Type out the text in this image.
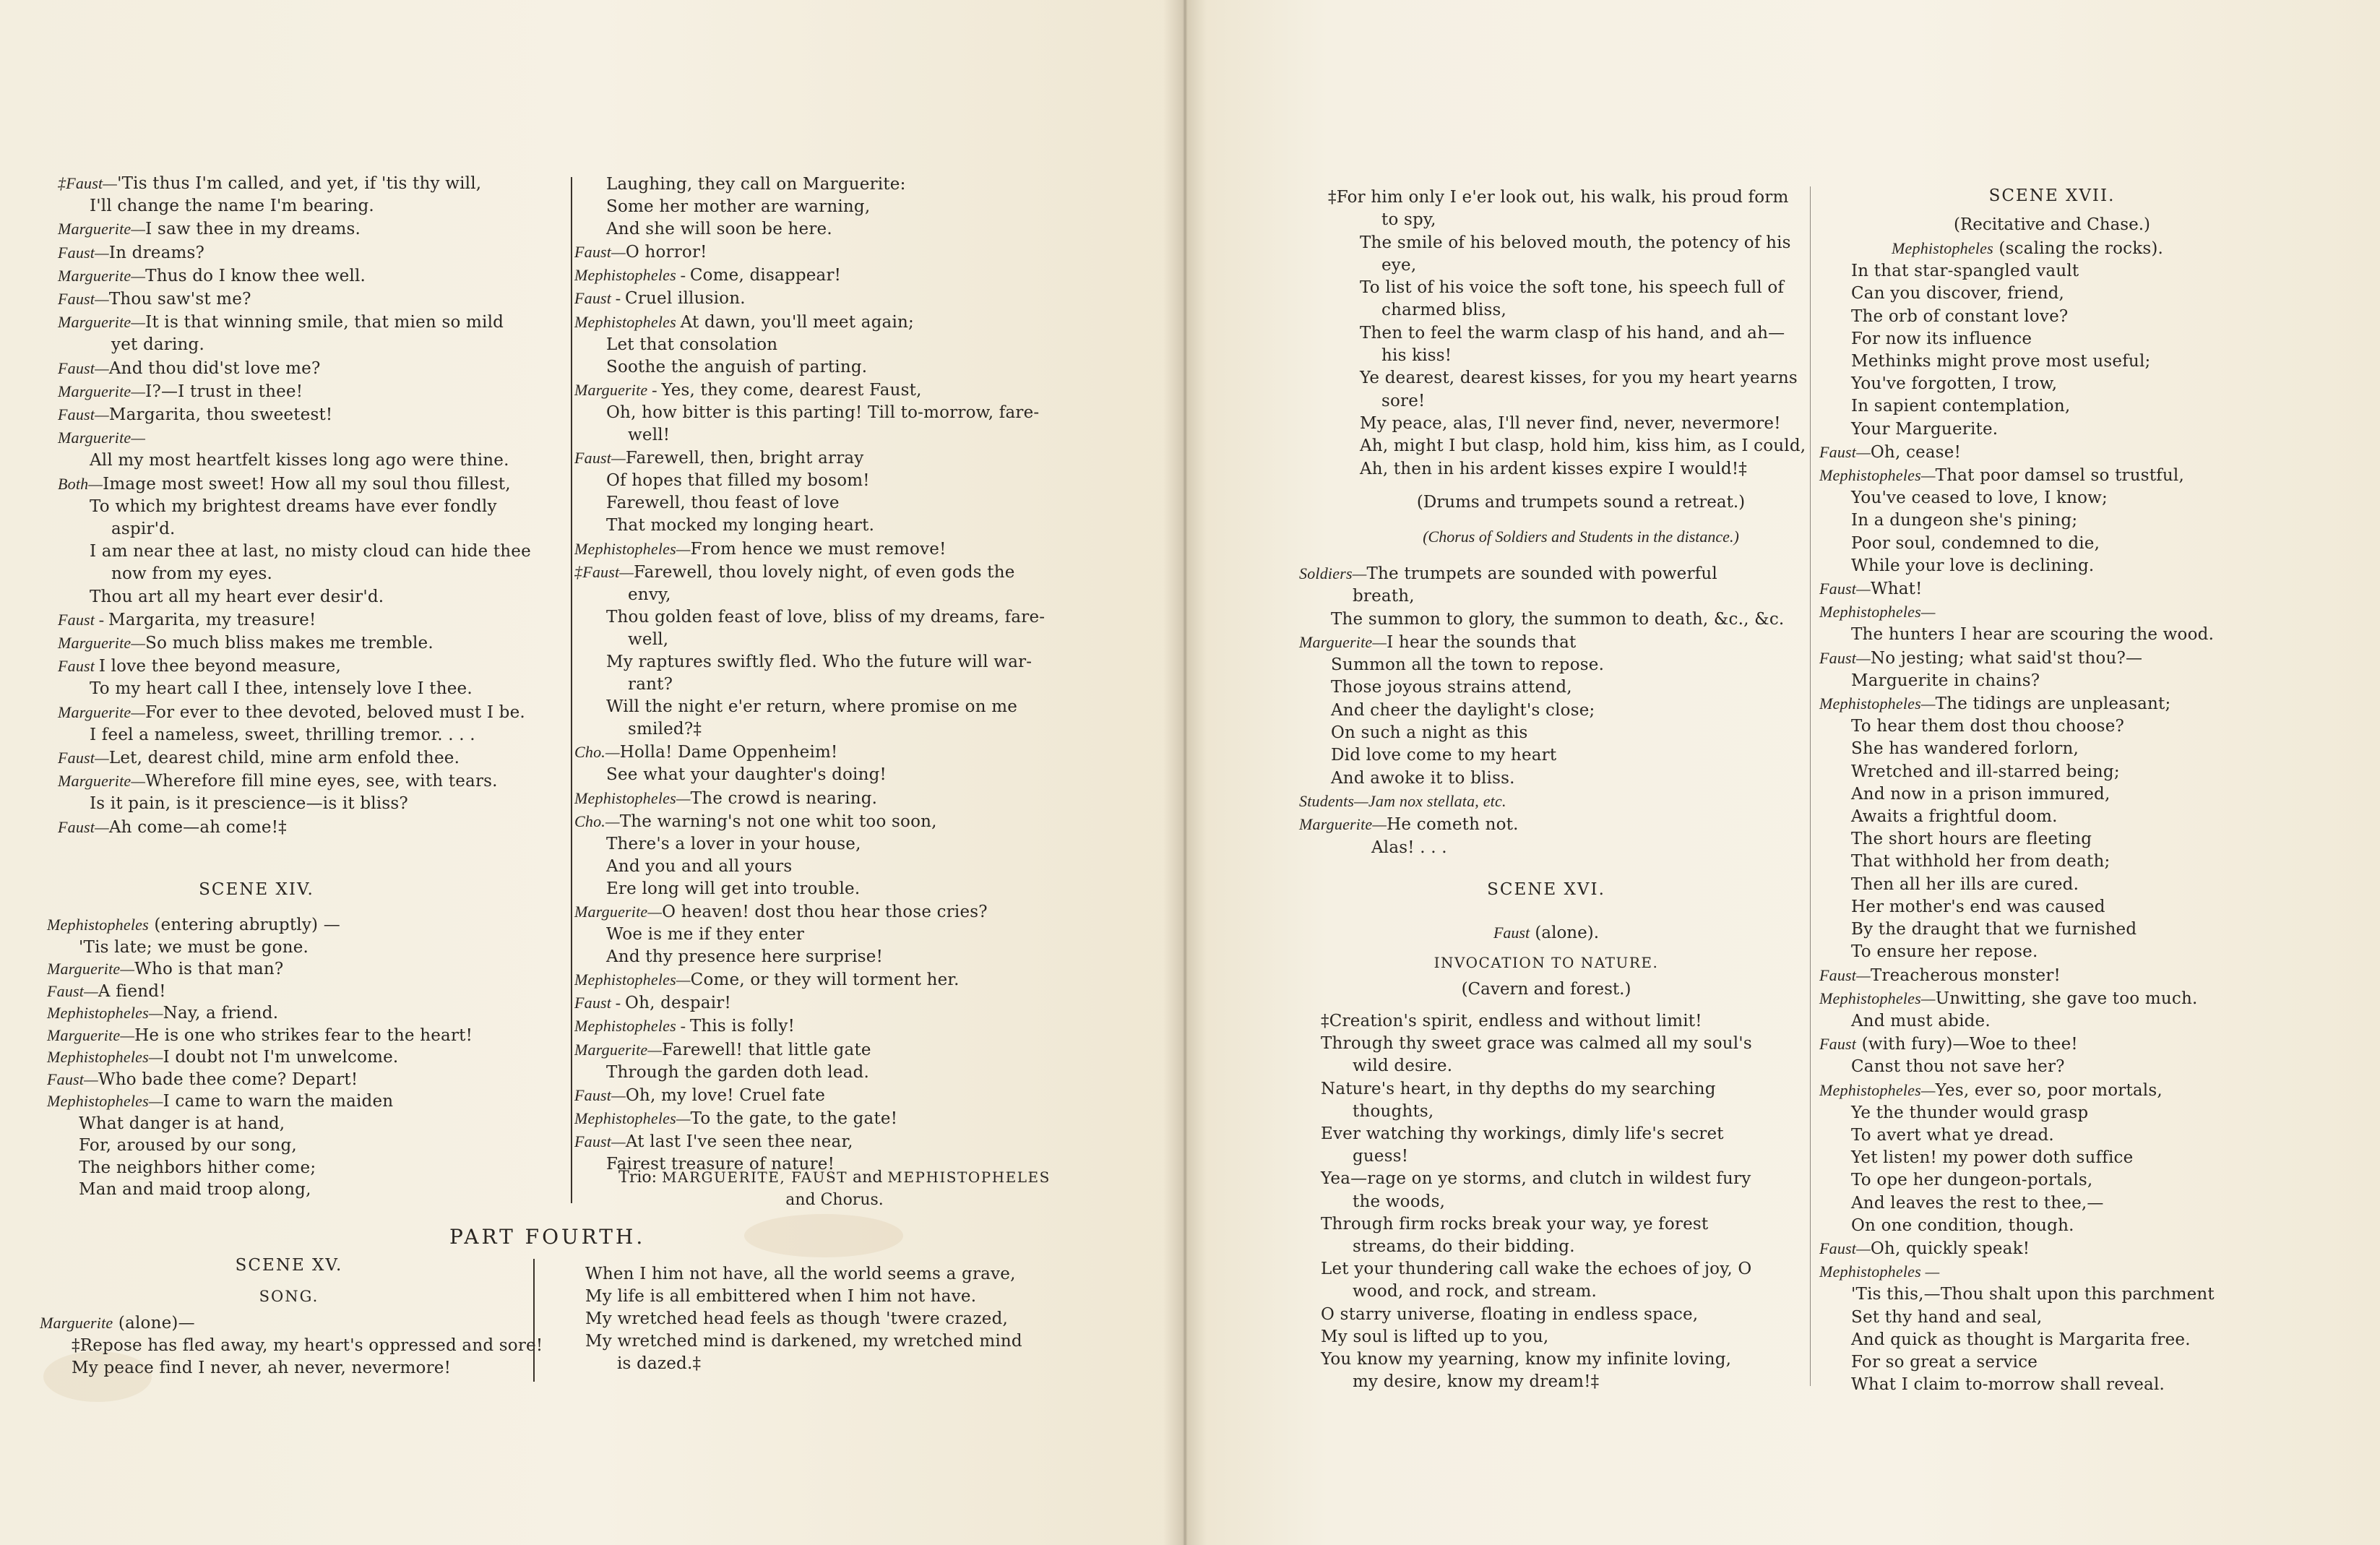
‡Faust—'Tis thus I'm called, and yet, if 'tis thy will,
I'll change the name I'm bearing.
Marguerite—I saw thee in my dreams.
Faust—In dreams?
Marguerite—Thus do I know thee well.
Faust—Thou saw'st me?
Marguerite—It is that winning smile, that mien so mild
yet daring.
Faust—And thou did'st love me?
Marguerite—I?—I trust in thee!
Faust—Margarita, thou sweetest!
Marguerite—
All my most heartfelt kisses long ago were thine.
Both—Image most sweet! How all my soul thou fillest,
To which my brightest dreams have ever fondly
aspir'd.
I am near thee at last, no misty cloud can hide thee
now from my eyes.
Thou art all my heart ever desir'd.
Faust - Margarita, my treasure!
Marguerite—So much bliss makes me tremble.
Faust I love thee beyond measure,
To my heart call I thee, intensely love I thee.
Marguerite—For ever to thee devoted, beloved must I be.
I feel a nameless, sweet, thrilling tremor. . . .
Faust—Let, dearest child, mine arm enfold thee.
Marguerite—Wherefore fill mine eyes, see, with tears.
Is it pain, is it prescience—is it bliss?
Faust—Ah come—ah come!‡
SCENE XIV.
Mephistopheles (entering abruptly) —
'Tis late; we must be gone.
Marguerite—Who is that man?
Faust—A fiend!
Mephistopheles—Nay, a friend.
Marguerite—He is one who strikes fear to the heart!
Mephistopheles—I doubt not I'm unwelcome.
Faust—Who bade thee come? Depart!
Mephistopheles—I came to warn the maiden
What danger is at hand,
For, aroused by our song,
The neighbors hither come;
Man and maid troop along,
Laughing, they call on Marguerite:
Some her mother are warning,
And she will soon be here.
Faust—O horror!
Mephistopheles - Come, disappear!
Faust - Cruel illusion.
Mephistopheles At dawn, you'll meet again;
Let that consolation
Soothe the anguish of parting.
Marguerite - Yes, they come, dearest Faust,
Oh, how bitter is this parting! Till to-morrow, fare-
well!
Faust—Farewell, then, bright array
Of hopes that filled my bosom!
Farewell, thou feast of love
That mocked my longing heart.
Mephistopheles—From hence we must remove!
‡Faust—Farewell, thou lovely night, of even gods the
envy,
Thou golden feast of love, bliss of my dreams, fare-
well,
My raptures swiftly fled. Who the future will war-
rant?
Will the night e'er return, where promise on me
smiled?‡
Cho.—Holla! Dame Oppenheim!
See what your daughter's doing!
Mephistopheles—The crowd is nearing.
Cho.—The warning's not one whit too soon,
There's a lover in your house,
And you and all yours
Ere long will get into trouble.
Marguerite—O heaven! dost thou hear those cries?
Woe is me if they enter
And thy presence here surprise!
Mephistopheles—Come, or they will torment her.
Faust - Oh, despair!
Mephistopheles - This is folly!
Marguerite—Farewell! that little gate
Through the garden doth lead.
Faust—Oh, my love! Cruel fate
Mephistopheles—To the gate, to the gate!
Faust—At last I've seen thee near,
Fairest treasure of nature!
Trio: MARGUERITE, FAUST and MEPHISTOPHELES
and Chorus.
PART FOURTH.
SCENE XV.
SONG.
Marguerite (alone)—
‡Repose has fled away, my heart's oppressed and sore!
My peace find I never, ah never, nevermore!
When I him not have, all the world seems a grave,
My life is all embittered when I him not have.
My wretched head feels as though 'twere crazed,
My wretched mind is darkened, my wretched mind
is dazed.‡
‡For him only I e'er look out, his walk, his proud form
to spy,
The smile of his beloved mouth, the potency of his
eye,
To list of his voice the soft tone, his speech full of
charmed bliss,
Then to feel the warm clasp of his hand, and ah—
his kiss!
Ye dearest, dearest kisses, for you my heart yearns
sore!
My peace, alas, I'll never find, never, nevermore!
Ah, might I but clasp, hold him, kiss him, as I could,
Ah, then in his ardent kisses expire I would!‡
(Drums and trumpets sound a retreat.)
(Chorus of Soldiers and Students in the distance.)
Soldiers—The trumpets are sounded with powerful
breath,
The summon to glory, the summon to death, &c., &c.
Marguerite—I hear the sounds that
Summon all the town to repose.
Those joyous strains attend,
And cheer the daylight's close;
On such a night as this
Did love come to my heart
And awoke it to bliss.
Students—Jam nox stellata, etc.
Marguerite—He cometh not.
Alas! . . .
SCENE XVI.
Faust (alone).
INVOCATION TO NATURE.
(Cavern and forest.)
‡Creation's spirit, endless and without limit!
Through thy sweet grace was calmed all my soul's
wild desire.
Nature's heart, in thy depths do my searching
thoughts,
Ever watching thy workings, dimly life's secret
guess!
Yea—rage on ye storms, and clutch in wildest fury
the woods,
Through firm rocks break your way, ye forest
streams, do their bidding.
Let your thundering call wake the echoes of joy, O
wood, and rock, and stream.
O starry universe, floating in endless space,
My soul is lifted up to you,
You know my yearning, know my infinite loving,
my desire, know my dream!‡
SCENE XVII.
(Recitative and Chase.)
Mephistopheles (scaling the rocks).
In that star-spangled vault
Can you discover, friend,
The orb of constant love?
For now its influence
Methinks might prove most useful;
You've forgotten, I trow,
In sapient contemplation,
Your Marguerite.
Faust—Oh, cease!
Mephistopheles—That poor damsel so trustful,
You've ceased to love, I know;
In a dungeon she's pining;
Poor soul, condemned to die,
While your love is declining.
Faust—What!
Mephistopheles—
The hunters I hear are scouring the wood.
Faust—No jesting; what said'st thou?—
Marguerite in chains?
Mephistopheles—The tidings are unpleasant;
To hear them dost thou choose?
She has wandered forlorn,
Wretched and ill-starred being;
And now in a prison immured,
Awaits a frightful doom.
The short hours are fleeting
That withhold her from death;
Then all her ills are cured.
Her mother's end was caused
By the draught that we furnished
To ensure her repose.
Faust—Treacherous monster!
Mephistopheles—Unwitting, she gave too much.
And must abide.
Faust (with fury)—Woe to thee!
Canst thou not save her?
Mephistopheles—Yes, ever so, poor mortals,
Ye the thunder would grasp
To avert what ye dread.
Yet listen! my power doth suffice
To ope her dungeon-portals,
And leaves the rest to thee,—
On one condition, though.
Faust—Oh, quickly speak!
Mephistopheles —
'Tis this,—Thou shalt upon this parchment
Set thy hand and seal,
And quick as thought is Margarita free.
For so great a service
What I claim to-morrow shall reveal.
